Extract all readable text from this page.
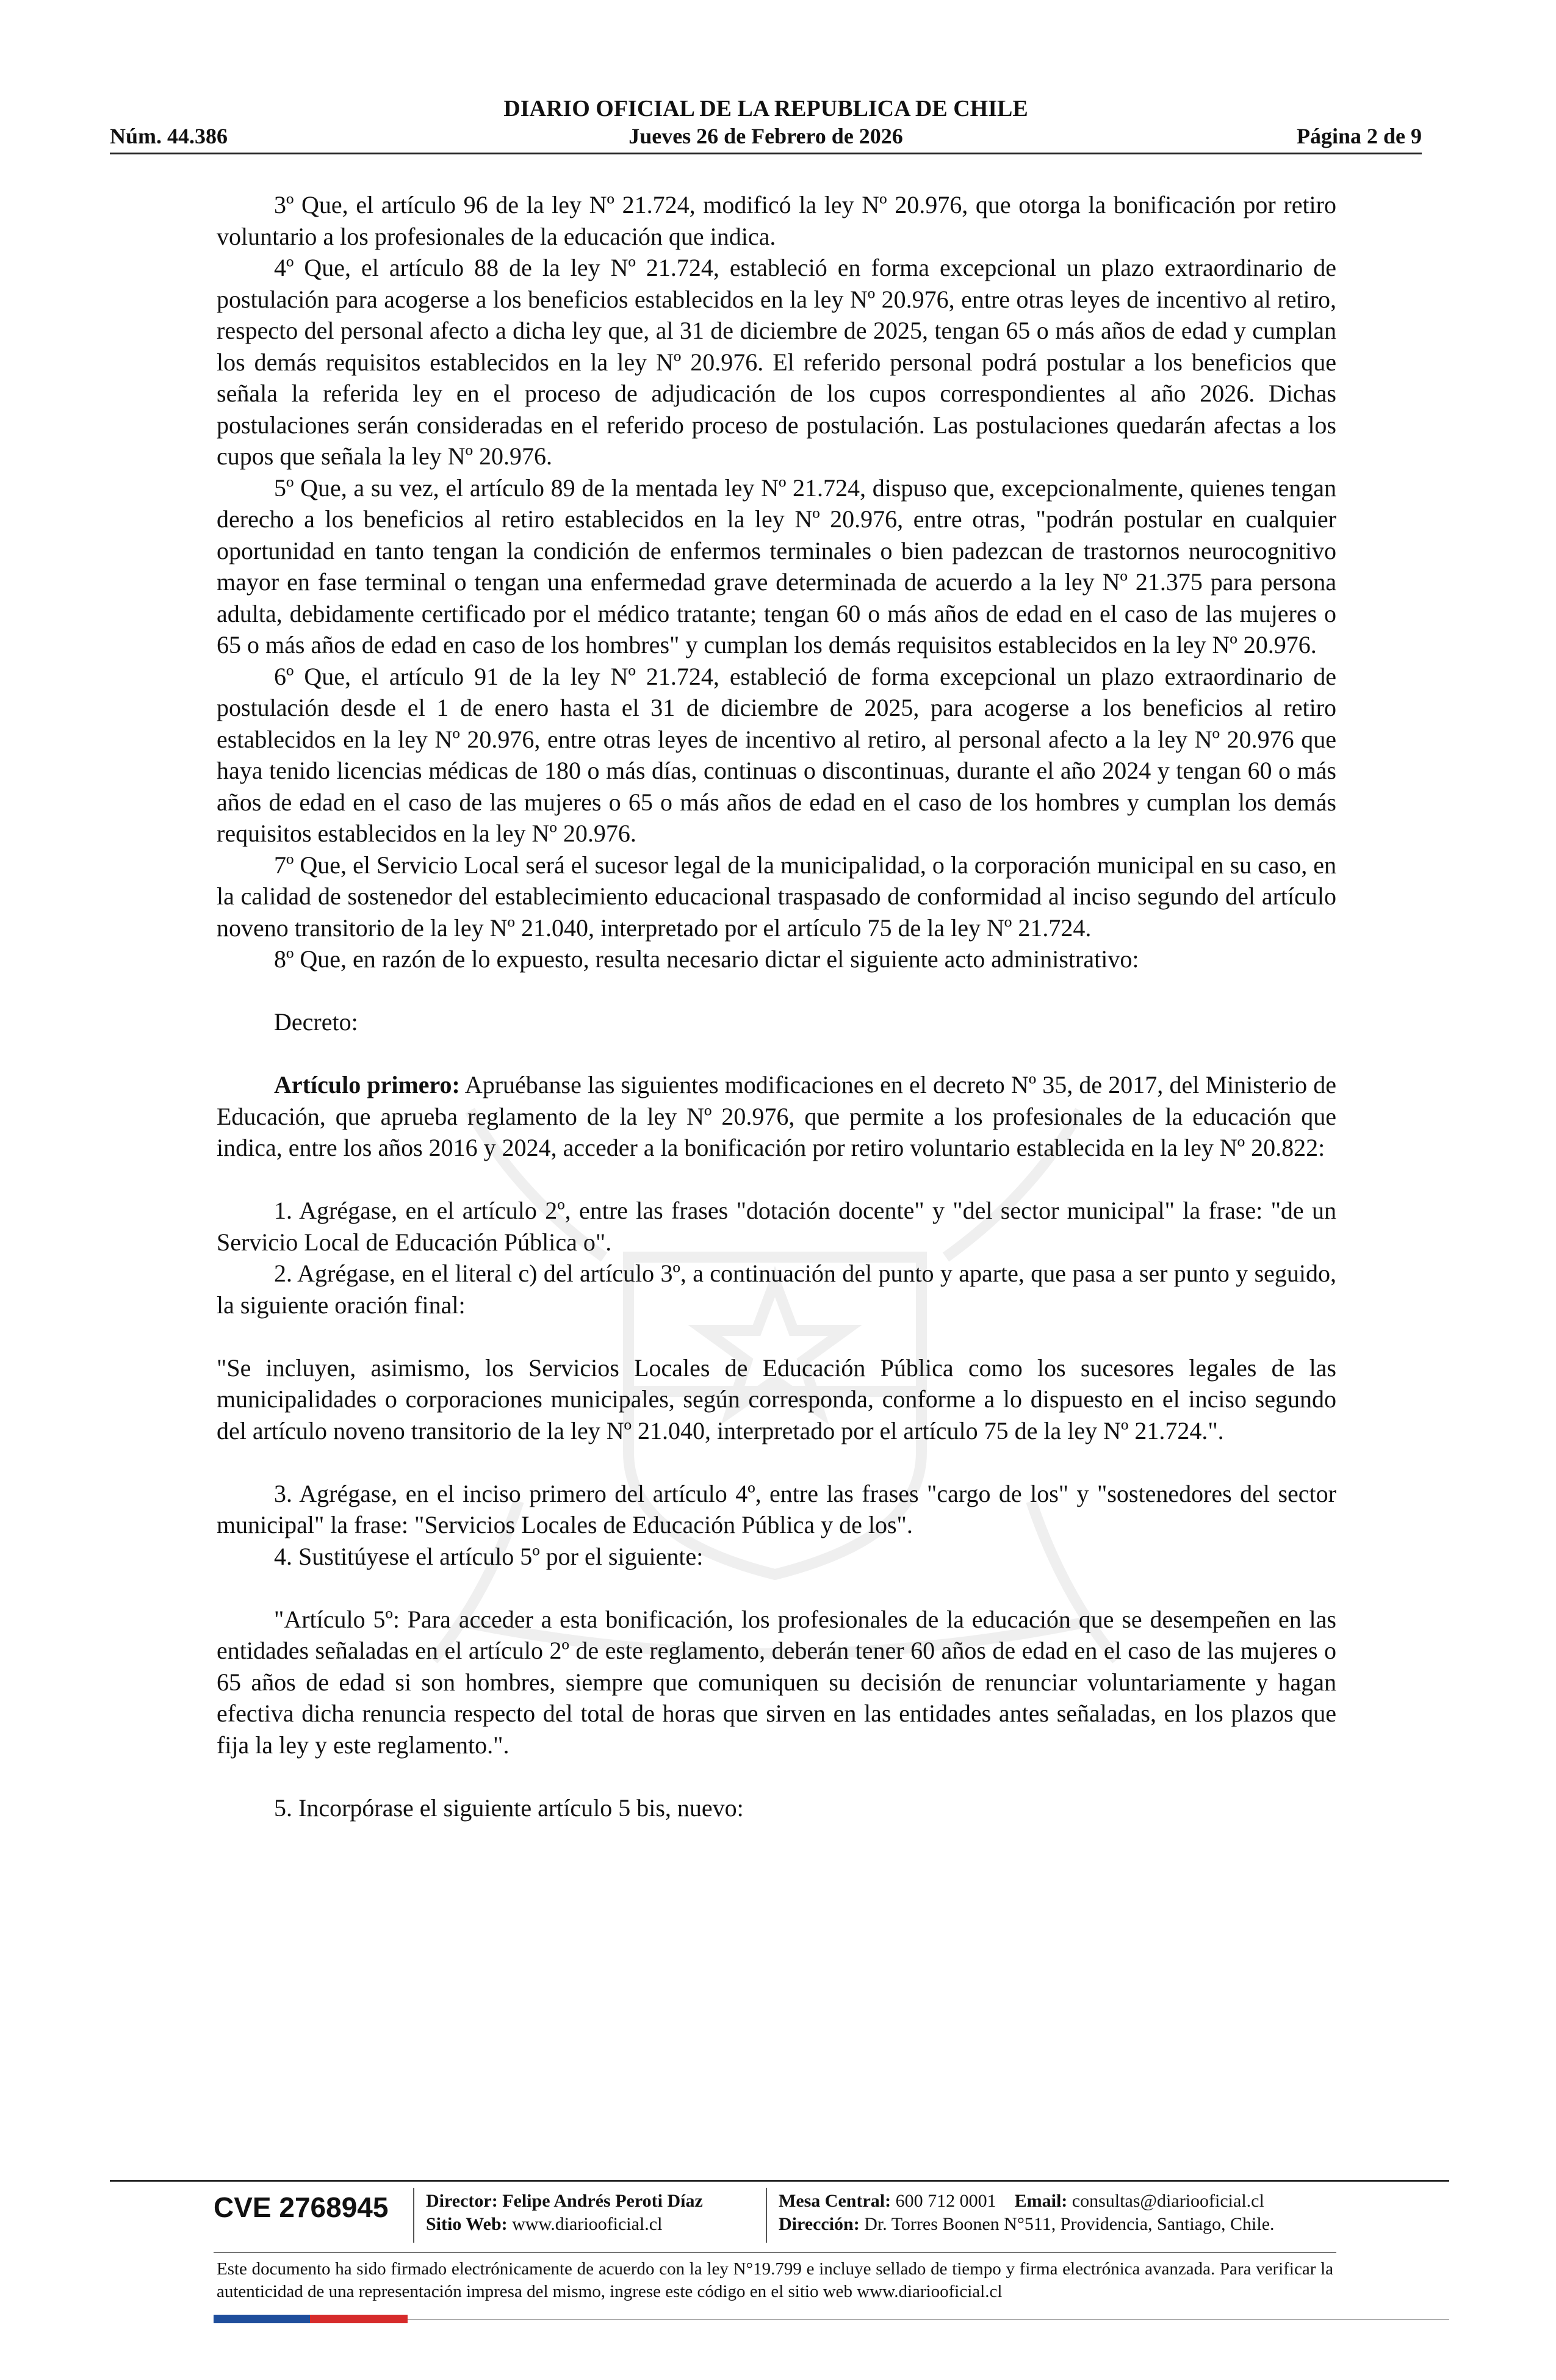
DIARIO OFICIAL DE LA REPUBLICA DE CHILE
Núm. 44.386	Jueves 26 de Febrero de 2026	Página 2 de 9

3º Que, el artículo 96 de la ley Nº 21.724, modificó la ley Nº 20.976, que otorga la bonificación por retiro voluntario a los profesionales de la educación que indica.

4º Que, el artículo 88 de la ley Nº 21.724, estableció en forma excepcional un plazo extraordinario de postulación para acogerse a los beneficios establecidos en la ley Nº 20.976, entre otras leyes de incentivo al retiro, respecto del personal afecto a dicha ley que, al 31 de diciembre de 2025, tengan 65 o más años de edad y cumplan los demás requisitos establecidos en la ley Nº 20.976. El referido personal podrá postular a los beneficios que señala la referida ley en el proceso de adjudicación de los cupos correspondientes al año 2026. Dichas postulaciones serán consideradas en el referido proceso de postulación. Las postulaciones quedarán afectas a los cupos que señala la ley Nº 20.976.

5º Que, a su vez, el artículo 89 de la mentada ley Nº 21.724, dispuso que, excepcionalmente, quienes tengan derecho a los beneficios al retiro establecidos en la ley Nº 20.976, entre otras, "podrán postular en cualquier oportunidad en tanto tengan la condición de enfermos terminales o bien padezcan de trastornos neurocognitivo mayor en fase terminal o tengan una enfermedad grave determinada de acuerdo a la ley Nº 21.375 para persona adulta, debidamente certificado por el médico tratante; tengan 60 o más años de edad en el caso de las mujeres o 65 o más años de edad en caso de los hombres" y cumplan los demás requisitos establecidos en la ley Nº 20.976.

6º Que, el artículo 91 de la ley Nº 21.724, estableció de forma excepcional un plazo extraordinario de postulación desde el 1 de enero hasta el 31 de diciembre de 2025, para acogerse a los beneficios al retiro establecidos en la ley Nº 20.976, entre otras leyes de incentivo al retiro, al personal afecto a la ley Nº 20.976 que haya tenido licencias médicas de 180 o más días, continuas o discontinuas, durante el año 2024 y tengan 60 o más años de edad en el caso de las mujeres o 65 o más años de edad en el caso de los hombres y cumplan los demás requisitos establecidos en la ley Nº 20.976.

7º Que, el Servicio Local será el sucesor legal de la municipalidad, o la corporación municipal en su caso, en la calidad de sostenedor del establecimiento educacional traspasado de conformidad al inciso segundo del artículo noveno transitorio de la ley Nº 21.040, interpretado por el artículo 75 de la ley Nº 21.724.

8º Que, en razón de lo expuesto, resulta necesario dictar el siguiente acto administrativo:

Decreto:

Artículo primero: Apruébanse las siguientes modificaciones en el decreto Nº 35, de 2017, del Ministerio de Educación, que aprueba reglamento de la ley Nº 20.976, que permite a los profesionales de la educación que indica, entre los años 2016 y 2024, acceder a la bonificación por retiro voluntario establecida en la ley Nº 20.822:

1. Agrégase, en el artículo 2º, entre las frases "dotación docente" y "del sector municipal" la frase: "de un Servicio Local de Educación Pública o".

2. Agrégase, en el literal c) del artículo 3º, a continuación del punto y aparte, que pasa a ser punto y seguido, la siguiente oración final:

"Se incluyen, asimismo, los Servicios Locales de Educación Pública como los sucesores legales de las municipalidades o corporaciones municipales, según corresponda, conforme a lo dispuesto en el inciso segundo del artículo noveno transitorio de la ley Nº 21.040, interpretado por el artículo 75 de la ley Nº 21.724.".

3. Agrégase, en el inciso primero del artículo 4º, entre las frases "cargo de los" y "sostenedores del sector municipal" la frase: "Servicios Locales de Educación Pública y de los".

4. Sustitúyese el artículo 5º por el siguiente:

"Artículo 5º: Para acceder a esta bonificación, los profesionales de la educación que se desempeñen en las entidades señaladas en el artículo 2º de este reglamento, deberán tener 60 años de edad en el caso de las mujeres o 65 años de edad si son hombres, siempre que comuniquen su decisión de renunciar voluntariamente y hagan efectiva dicha renuncia respecto del total de horas que sirven en las entidades antes señaladas, en los plazos que fija la ley y este reglamento.".

5. Incorpórase el siguiente artículo 5 bis, nuevo:

CVE 2768945 Director: Felipe Andrés Peroti Díaz
Sitio Web: www.diariooficial.cl
Mesa Central: 600 712 0001 Email: consultas@diariooficial.cl
Dirección: Dr. Torres Boonen N°511, Providencia, Santiago, Chile.
Este documento ha sido firmado electrónicamente de acuerdo con la ley N°19.799 e incluye sellado de tiempo y firma electrónica avanzada. Para verificar la autenticidad de una representación impresa del mismo, ingrese este código en el sitio web www.diariooficial.cl
